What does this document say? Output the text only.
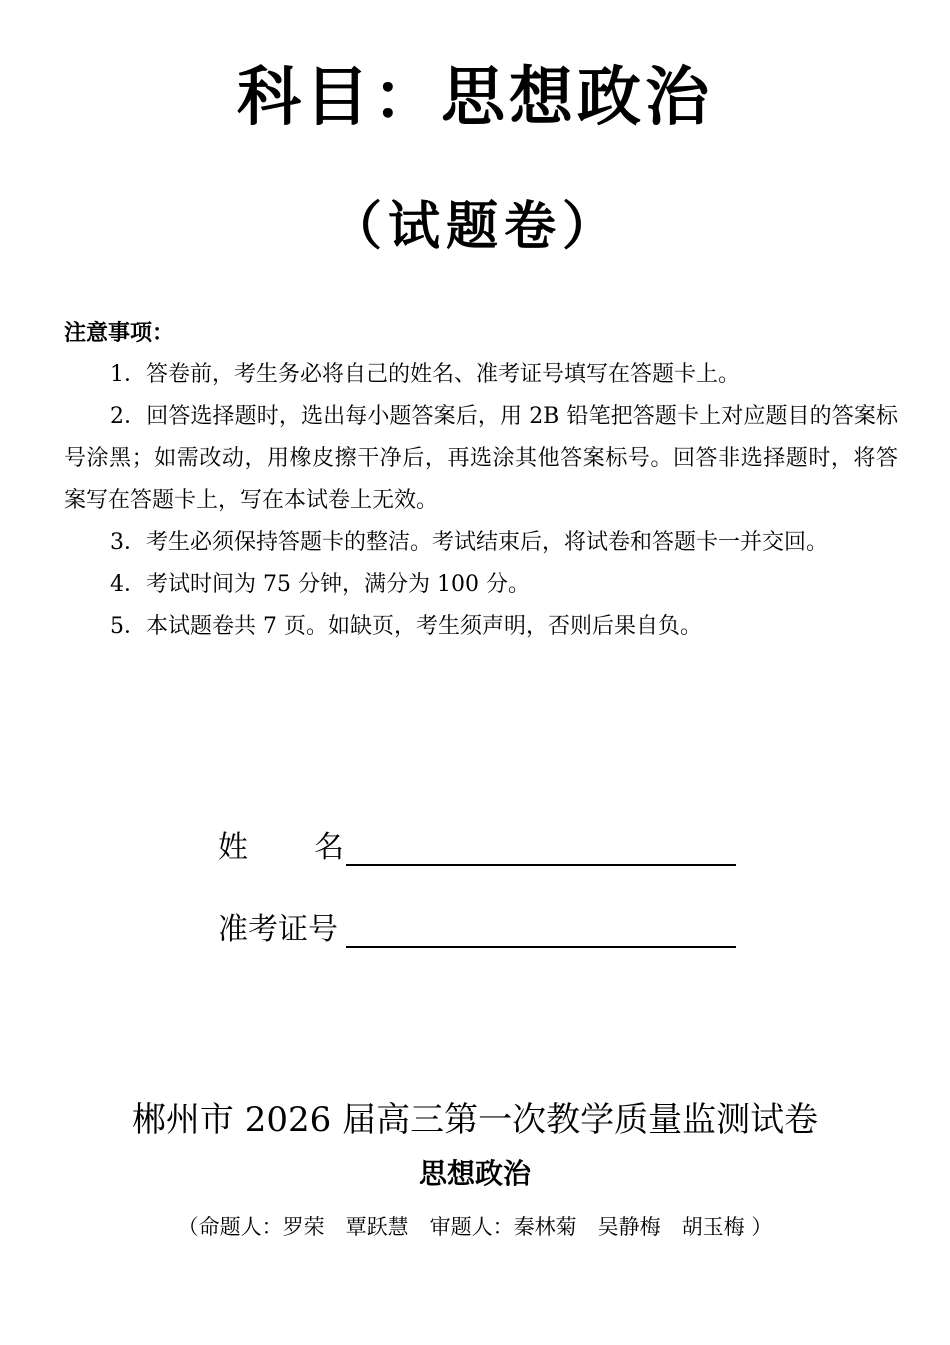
科目：思想政治
（试题卷）

注意事项：

1．答卷前，考生务必将自己的姓名、准考证号填写在答题卡上。

2．回答选择题时，选出每小题答案后，用 2B 铅笔把答题卡上对应题目的答案标号涂黑；如需改动，用橡皮擦干净后，再选涂其他答案标号。回答非选择题时，将答案写在答题卡上，写在本试卷上无效。

3．考生必须保持答题卡的整洁。考试结束后，将试卷和答题卡一并交回。

4．考试时间为 75 分钟，满分为 100 分。

5．本试题卷共 7 页。如缺页，考生须声明，否则后果自负。

姓名
准考证号
郴州市 2026 届高三第一次教学质量监测试卷
思想政治
（命题人：罗荣　覃跃慧　审题人：秦林菊　吴静梅　胡玉梅 ）
